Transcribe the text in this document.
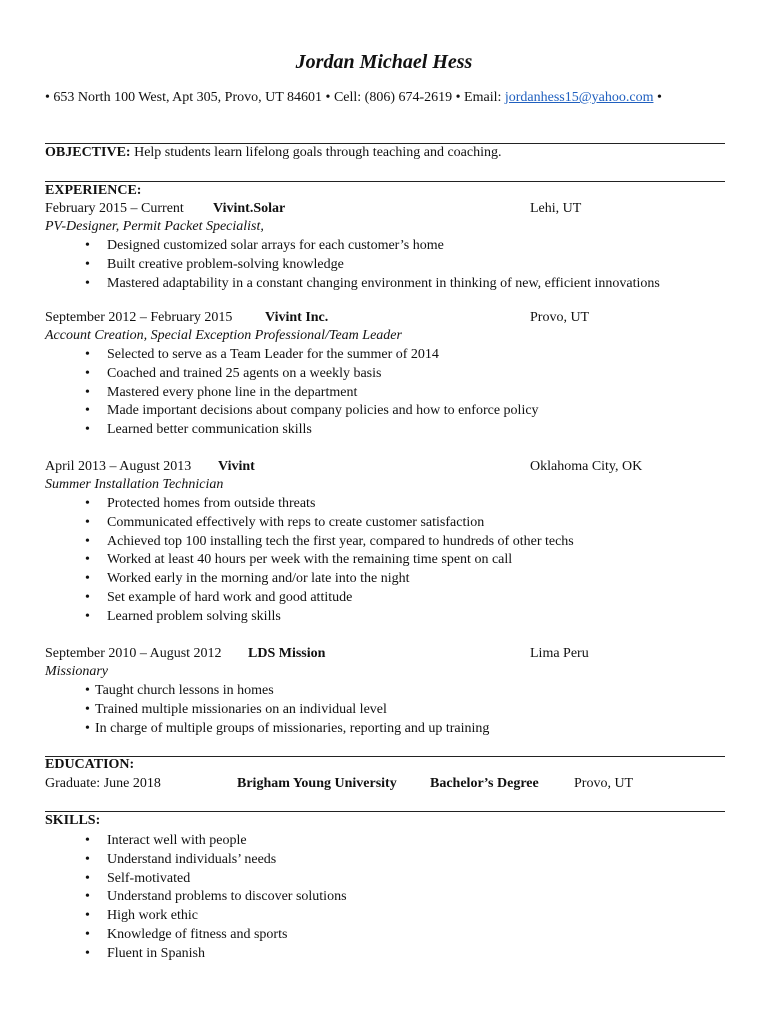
Jordan Michael Hess
• 653 North 100 West, Apt 305, Provo, UT 84601 • Cell: (806) 674-2619 • Email: jordanhess15@yahoo.com •
OBJECTIVE: Help students learn lifelong goals through teaching and coaching.
EXPERIENCE:
February 2015 – Current Vivint.Solar	Lehi, UT
PV-Designer, Permit Packet Specialist,
• Designed customized solar arrays for each customer’s home
• Built creative problem-solving knowledge
• Mastered adaptability in a constant changing environment in thinking of new, efficient innovations
September 2012 – February 2015 Vivint Inc.	Provo, UT
Account Creation, Special Exception Professional/Team Leader
• Selected to serve as a Team Leader for the summer of 2014
• Coached and trained 25 agents on a weekly basis
• Mastered every phone line in the department
• Made important decisions about company policies and how to enforce policy
• Learned better communication skills
April 2013 – August 2013 Vivint	Oklahoma City, OK
Summer Installation Technician
• Protected homes from outside threats
• Communicated effectively with reps to create customer satisfaction
• Achieved top 100 installing tech the first year, compared to hundreds of other techs
• Worked at least 40 hours per week with the remaining time spent on call
• Worked early in the morning and/or late into the night
• Set example of hard work and good attitude
• Learned problem solving skills
September 2010 – August 2012 LDS Mission	Lima Peru
Missionary
• Taught church lessons in homes
• Trained multiple missionaries on an individual level
• In charge of multiple groups of missionaries, reporting and up training
EDUCATION:
Graduate: June 2018	Brigham Young University Bachelor’s Degree	Provo, UT
SKILLS:
• Interact well with people
• Understand individuals’ needs
• Self-motivated
• Understand problems to discover solutions
• High work ethic
• Knowledge of fitness and sports
• Fluent in Spanish
